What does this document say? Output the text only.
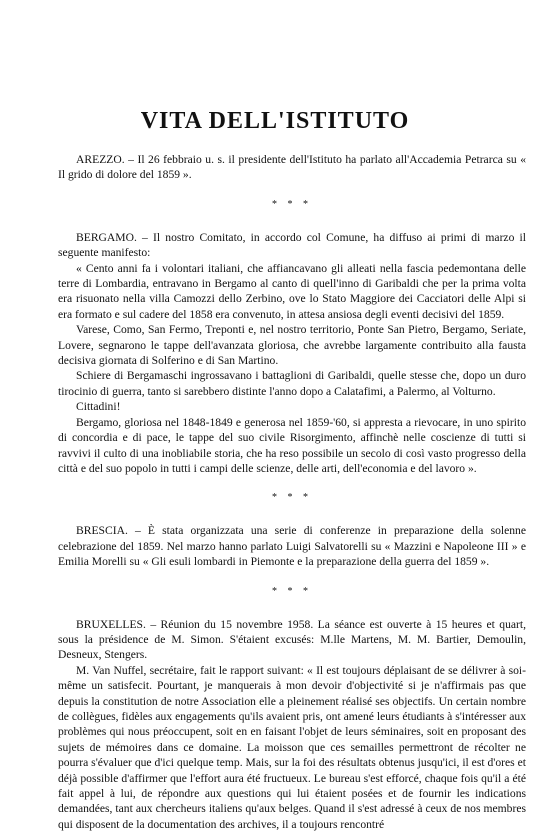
VITA DELL'ISTITUTO

AREZZO. – Il 26 febbraio u. s. il presidente dell'Istituto ha parlato all'Accademia Petrarca su « Il grido di dolore del 1859 ».

* * *

BERGAMO. – Il nostro Comitato, in accordo col Comune, ha diffuso ai primi di marzo il seguente manifesto:

« Cento anni fa i volontari italiani, che affiancavano gli alleati nella fascia pedemontana delle terre di Lombardia, entravano in Bergamo al canto di quell'inno di Garibaldi che per la prima volta era risuonato nella villa Camozzi dello Zerbino, ove lo Stato Maggiore dei Cacciatori delle Alpi si era formato e sul cadere del 1858 era convenuto, in attesa ansiosa degli eventi decisivi del 1859.

Varese, Como, San Fermo, Treponti e, nel nostro territorio, Ponte San Pietro, Bergamo, Seriate, Lovere, segnarono le tappe dell'avanzata gloriosa, che avrebbe largamente contribuito alla fausta decisiva giornata di Solferino e di San Martino.

Schiere di Bergamaschi ingrossavano i battaglioni di Garibaldi, quelle stesse che, dopo un duro tirocinio di guerra, tanto si sarebbero distinte l'anno dopo a Calatafimi, a Palermo, al Volturno.

Cittadini!

Bergamo, gloriosa nel 1848-1849 e generosa nel 1859-'60, si appresta a rievocare, in uno spirito di concordia e di pace, le tappe del suo civile Risorgimento, affinchè nelle coscienze di tutti si ravvivi il culto di una inobliabile storia, che ha reso possibile un secolo di così vasto progresso della città e del suo popolo in tutti i campi delle scienze, delle arti, dell'economia e del lavoro ».

* * *

BRESCIA. – È stata organizzata una serie di conferenze in preparazione della solenne celebrazione del 1859. Nel marzo hanno parlato Luigi Salvatorelli su « Mazzini e Napoleone III » e Emilia Morelli su « Gli esuli lombardi in Piemonte e la preparazione della guerra del 1859 ».

* * *

BRUXELLES. – Réunion du 15 novembre 1958. La séance est ouverte à 15 heures et quart, sous la présidence de M. Simon. S'étaient excusés: M.lle Martens, M. M. Bartier, Demoulin, Desneux, Stengers.

M. Van Nuffel, secrétaire, fait le rapport suivant: « Il est toujours déplaisant de se délivrer à soi-même un satisfecit. Pourtant, je manquerais à mon devoir d'objectivité si je n'affirmais pas que depuis la constitution de notre Association elle a pleinement réalisé ses objectifs. Un certain nombre de collègues, fidèles aux engagements qu'ils avaient pris, ont amené leurs étudiants à s'intéresser aux problèmes qui nous préoccupent, soit en en faisant l'objet de leurs séminaires, soit en proposant des sujets de mémoires dans ce domaine. La moisson que ces semailles permettront de récolter ne pourra s'évaluer que d'ici quelque temp. Mais, sur la foi des résultats obtenus jusqu'ici, il est d'ores et déjà possible d'affirmer que l'effort aura été fructueux. Le bureau s'est efforcé, chaque fois qu'il a été fait appel à lui, de répondre aux questions qui lui étaient posées et de fournir les indications demandées, tant aux chercheurs italiens qu'aux belges. Quand il s'est adressé à ceux de nos membres qui disposent de la documentation des archives, il a toujours rencontré
